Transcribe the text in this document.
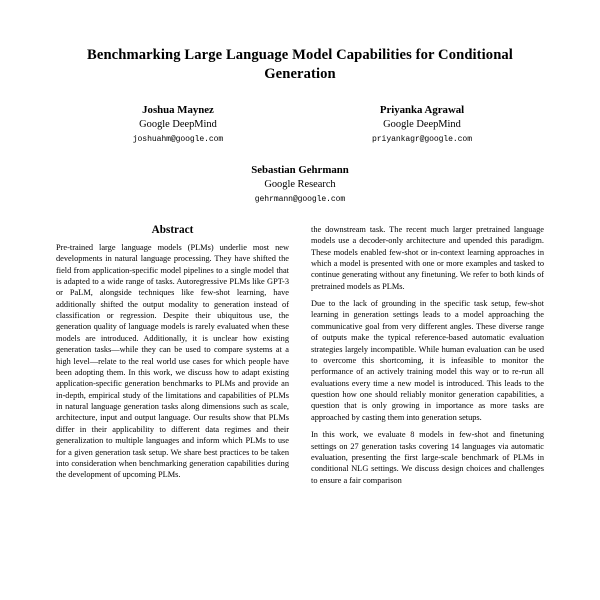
Benchmarking Large Language Model Capabilities for Conditional Generation
Joshua Maynez
Google DeepMind
joshuahm@google.com
Priyanka Agrawal
Google DeepMind
priyankagr@google.com
Sebastian Gehrmann
Google Research
gehrmann@google.com
Abstract

Pre-trained large language models (PLMs) underlie most new developments in natural language processing. They have shifted the field from application-specific model pipelines to a single model that is adapted to a wide range of tasks. Autoregressive PLMs like GPT-3 or PaLM, alongside techniques like few-shot learning, have additionally shifted the output modality to generation instead of classification or regression. Despite their ubiquitous use, the generation quality of language models is rarely evaluated when these models are introduced. Additionally, it is unclear how existing generation tasks—while they can be used to compare systems at a high level—relate to the real world use cases for which people have been adopting them. In this work, we discuss how to adapt existing application-specific generation benchmarks to PLMs and provide an in-depth, empirical study of the limitations and capabilities of PLMs in natural language generation tasks along dimensions such as scale, architecture, input and output language. Our results show that PLMs differ in their applicability to different data regimes and their generalization to multiple languages and inform which PLMs to use for a given generation task setup. We share best practices to be taken into consideration when benchmarking generation capabilities during the development of upcoming PLMs.

the downstream task. The recent much larger pretrained language models use a decoder-only architecture and upended this paradigm. These models enabled few-shot or in-context learning approaches in which a model is presented with one or more examples and tasked to continue generating without any finetuning. We refer to both kinds of pretrained models as PLMs.

Due to the lack of grounding in the specific task setup, few-shot learning in generation settings leads to a model approaching the communicative goal from very different angles. These diverse range of outputs make the typical reference-based automatic evaluation strategies largely incompatible. While human evaluation can be used to overcome this shortcoming, it is infeasible to monitor the performance of an actively training model this way or to re-run all evaluations every time a new model is introduced. This leads to the question how one should reliably monitor generation capabilities, a question that is only growing in importance as more tasks are approached by casting them into generation setups.

In this work, we evaluate 8 models in few-shot and finetuning settings on 27 generation tasks covering 14 languages via automatic evaluation, presenting the first large-scale benchmark of PLMs in conditional NLG settings. We discuss design choices and challenges to ensure a fair comparison
